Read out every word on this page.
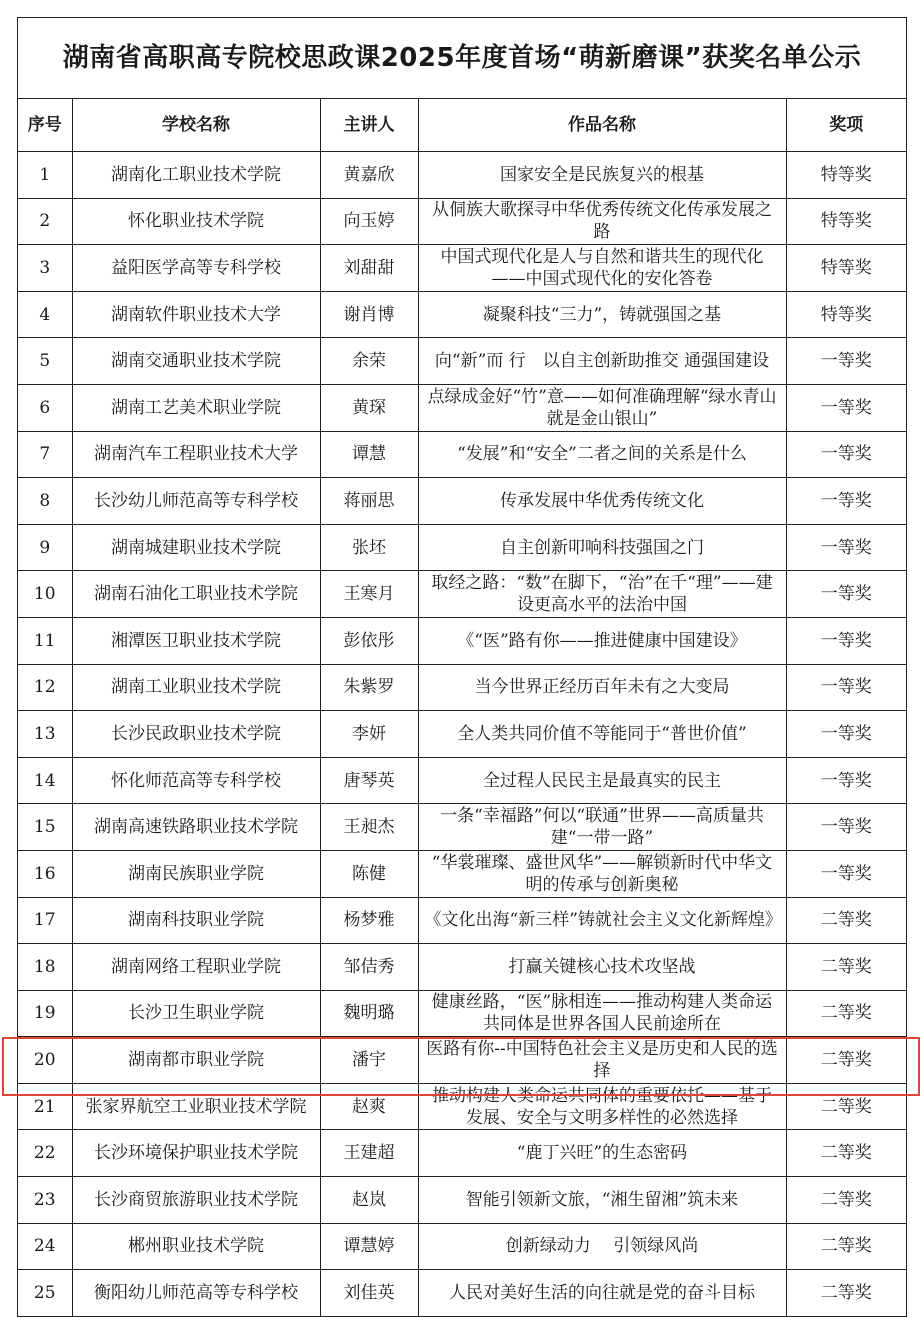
湖南省高职高专院校思政课2025年度首场“萌新磨课”获奖名单公示
序号	学校名称	主讲人	作品名称	奖项
1	湖南化工职业技术学院	黄嘉欣	国家安全是民族复兴的根基	特等奖
2	怀化职业技术学院	向玉婷	从侗族大歌探寻中华优秀传统文化传承发展之路	特等奖
3	益阳医学高等专科学校	刘甜甜	中国式现代化是人与自然和谐共生的现代化——中国式现代化的安化答卷	特等奖
4	湖南软件职业技术大学	谢肖博	凝聚科技“三力”，铸就强国之基	特等奖
5	湖南交通职业技术学院	余荣	向“新”而 行　以自主创新助推交 通强国建设	一等奖
6	湖南工艺美术职业学院	黄琛	点绿成金好“竹”意——如何准确理解“绿水青山就是金山银山”	一等奖
7	湖南汽车工程职业技术大学	谭慧	“发展”和“安全”二者之间的关系是什么	一等奖
8	长沙幼儿师范高等专科学校	蒋丽思	传承发展中华优秀传统文化	一等奖
9	湖南城建职业技术学院	张坯	自主创新叩响科技强国之门	一等奖
10	湖南石油化工职业技术学院	王寒月	取经之路：“数”在脚下，“治”在千“理”——建设更高水平的法治中国	一等奖
11	湘潭医卫职业技术学院	彭依彤	《“医”路有你——推进健康中国建设》	一等奖
12	湖南工业职业技术学院	朱紫罗	当今世界正经历百年未有之大变局	一等奖
13	长沙民政职业技术学院	李妍	全人类共同价值不等能同于“普世价值”	一等奖
14	怀化师范高等专科学校	唐琴英	全过程人民民主是最真实的民主	一等奖
15	湖南高速铁路职业技术学院	王昶杰	一条“幸福路”何以“联通”世界——高质量共建“一带一路”	一等奖
16	湖南民族职业学院	陈健	“华裳璀璨、盛世风华”——解锁新时代中华文明的传承与创新奥秘	一等奖
17	湖南科技职业学院	杨梦雅	《文化出海“新三样”铸就社会主义文化新辉煌》	二等奖
18	湖南网络工程职业学院	邹佶秀	打赢关键核心技术攻坚战	二等奖
19	长沙卫生职业学院	魏明璐	健康丝路，“医”脉相连——推动构建人类命运共同体是世界各国人民前途所在	二等奖
20	湖南都市职业学院	潘宇	医路有你--中国特色社会主义是历史和人民的选择	二等奖
21	张家界航空工业职业技术学院	赵爽	推动构建人类命运共同体的重要依托——基于发展、安全与文明多样性的必然选择	二等奖
22	长沙环境保护职业技术学院	王建超	“鹿丁兴旺”的生态密码	二等奖
23	长沙商贸旅游职业技术学院	赵岚	智能引领新文旅，“湘生留湘”筑未来	二等奖
24	郴州职业技术学院	谭慧婷	创新绿动力　 引领绿风尚	二等奖
25	衡阳幼儿师范高等专科学校	刘佳英	人民对美好生活的向往就是党的奋斗目标	二等奖
